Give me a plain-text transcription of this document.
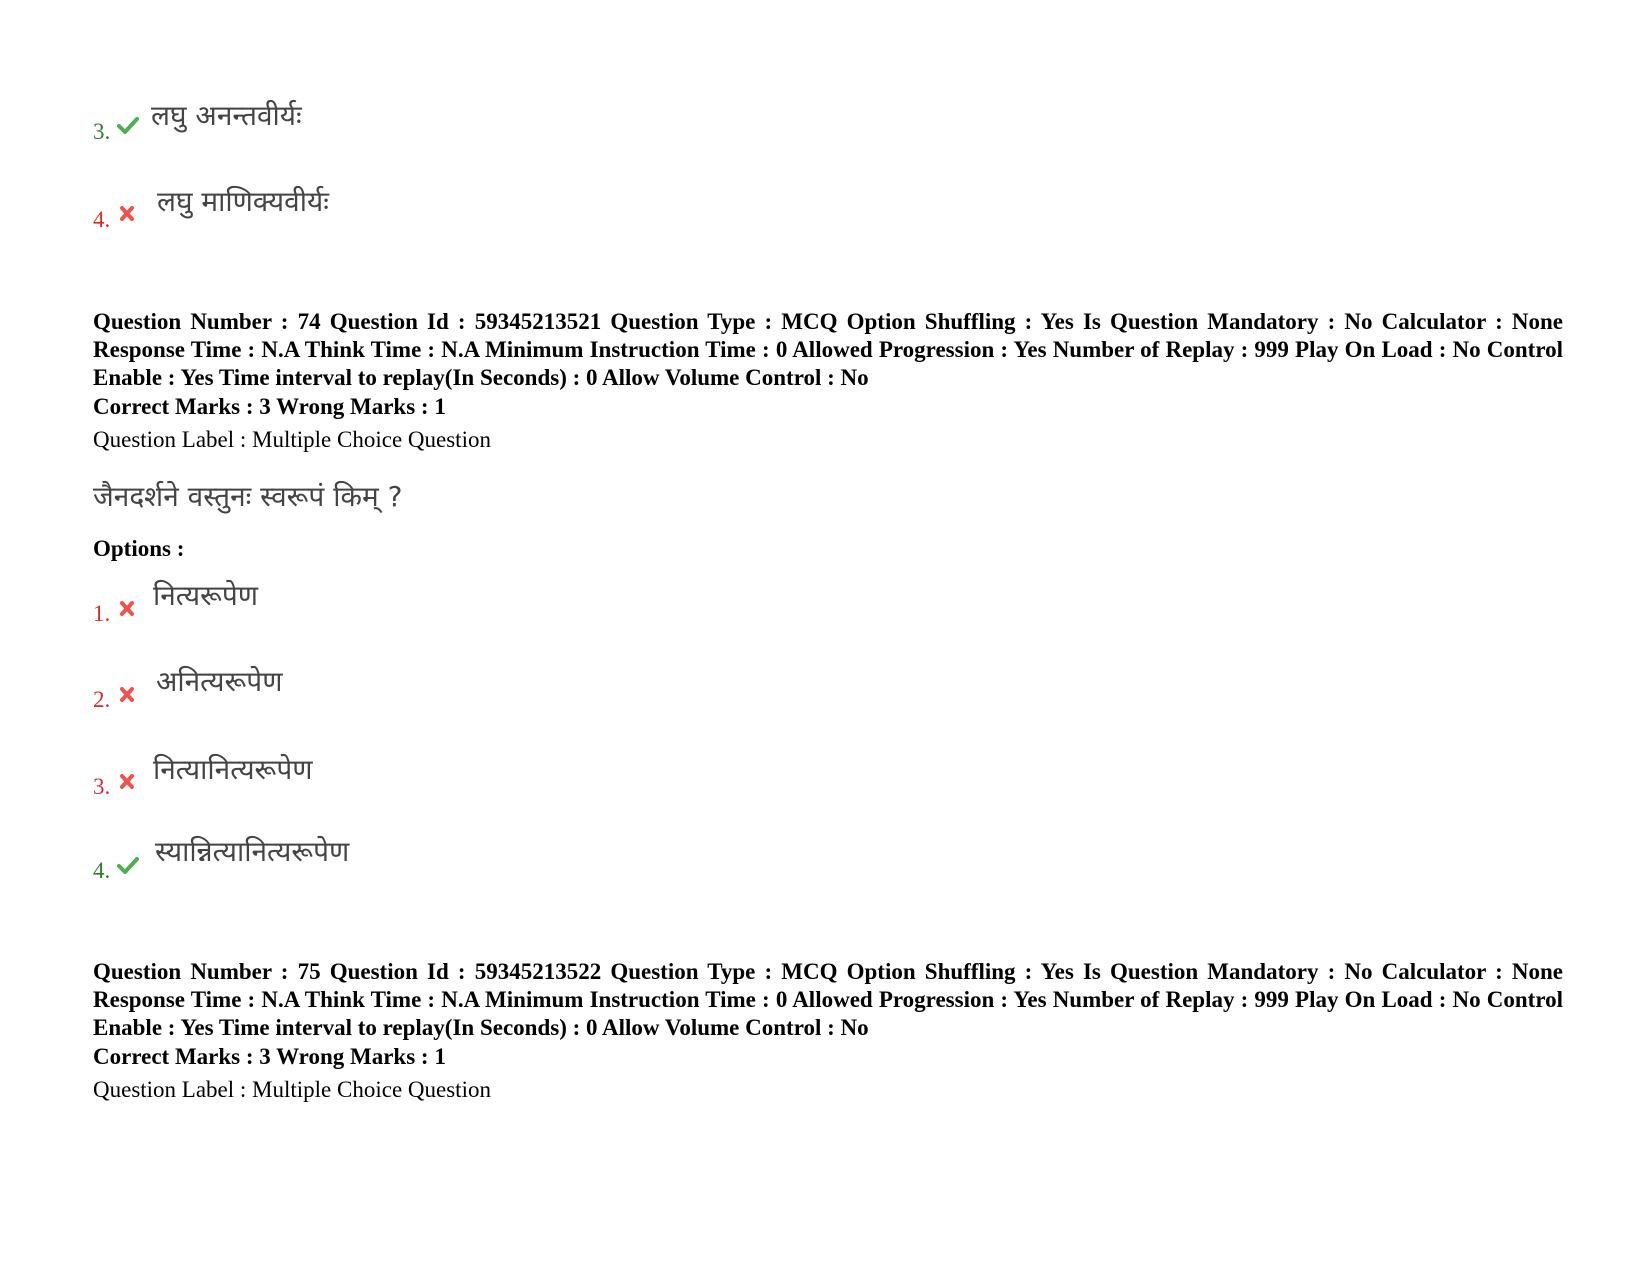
3. लघु अनन्तवीर्यः
4.
लघु माणिक्यवीर्यः
Question Number : 74 Question Id : 59345213521 Question Type : MCQ Option Shuffling : Yes Is Question Mandatory : No Calculator : None Response Time : N.A Think Time : N.A Minimum Instruction Time : 0 Allowed Progression : Yes Number of Replay : 999 Play On Load : No Control Enable : Yes Time interval to replay(In Seconds) : 0 Allow Volume Control : No
Correct Marks : 3 Wrong Marks : 1
Question Label : Multiple Choice Question
जैनदर्शने वस्तुनः स्वरूपं किम् ?
Options :
1.
नित्यरूपेण
2.
अनित्यरूपेण
3.
नित्यानित्यरूपेण
4.
स्यान्नित्यानित्यरूपेण
Question Number : 75 Question Id : 59345213522 Question Type : MCQ Option Shuffling : Yes Is Question Mandatory : No Calculator : None Response Time : N.A Think Time : N.A Minimum Instruction Time : 0 Allowed Progression : Yes Number of Replay : 999 Play On Load : No Control Enable : Yes Time interval to replay(In Seconds) : 0 Allow Volume Control : No
Correct Marks : 3 Wrong Marks : 1
Question Label : Multiple Choice Question
